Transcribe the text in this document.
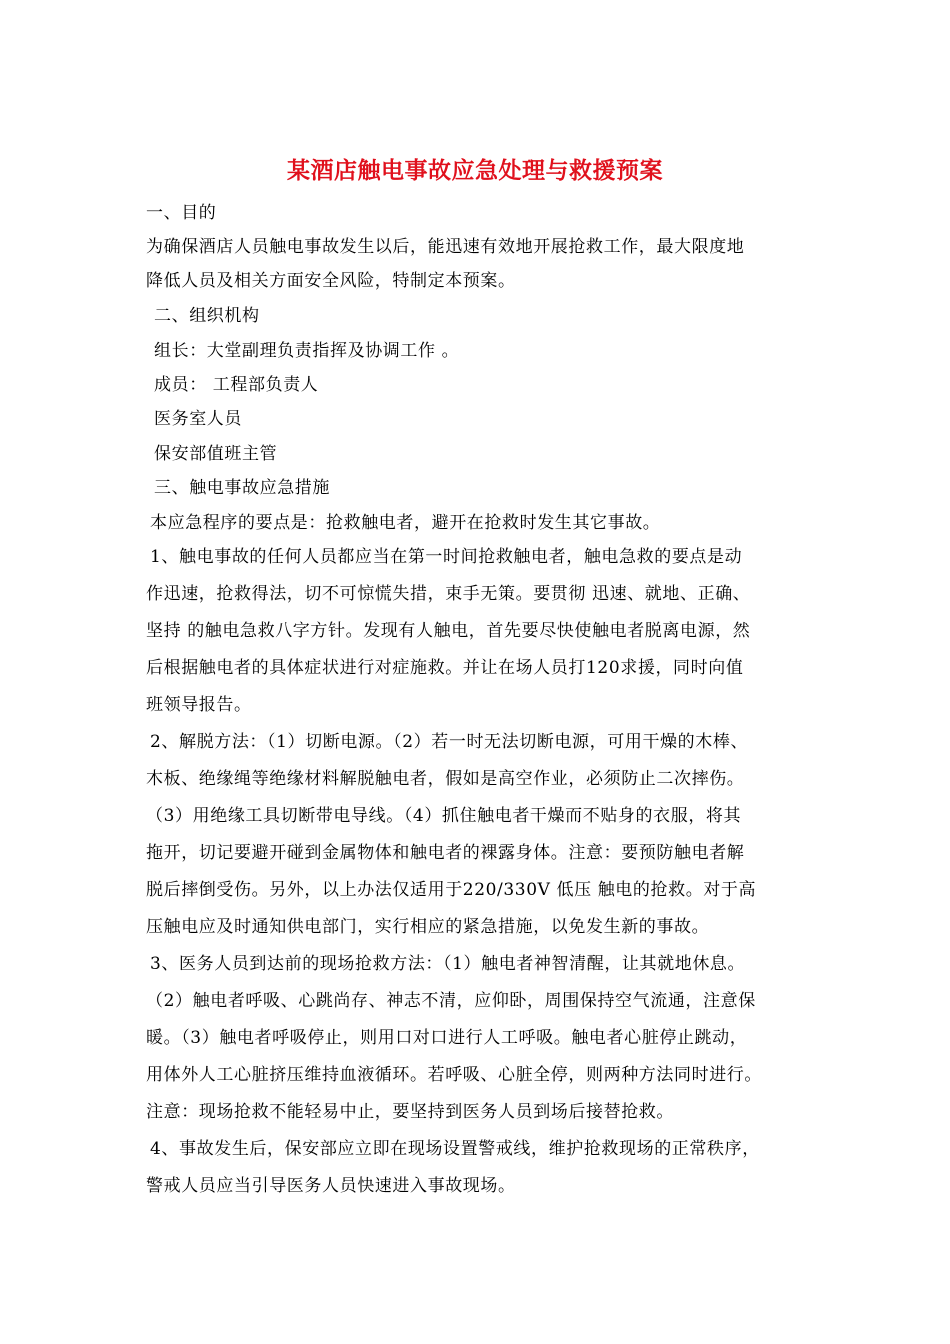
某酒店触电事故应急处理与救援预案
一、目的
为确保酒店人员触电事故发生以后，能迅速有效地开展抢救工作，最大限度地
降低人员及相关方面安全风险，特制定本预案。
二、组织机构
组长：大堂副理负责指挥及协调工作 。
成员： 工程部负责人
医务室人员
保安部值班主管
三、触电事故应急措施
本应急程序的要点是：抢救触电者，避开在抢救时发生其它事故。
1、触电事故的任何人员都应当在第一时间抢救触电者，触电急救的要点是动
作迅速，抢救得法，切不可惊慌失措，束手无策。要贯彻 迅速、就地、正确、
坚持 的触电急救八字方针。发现有人触电，首先要尽快使触电者脱离电源，然
后根据触电者的具体症状进行对症施救。并让在场人员打120求援，同时向值
班领导报告。
2、解脱方法：（1）切断电源。（2）若一时无法切断电源，可用干燥的木棒、
木板、绝缘绳等绝缘材料解脱触电者，假如是高空作业，必须防止二次摔伤。
（3）用绝缘工具切断带电导线。（4）抓住触电者干燥而不贴身的衣服，将其
拖开，切记要避开碰到金属物体和触电者的裸露身体。注意：要预防触电者解
脱后摔倒受伤。另外，以上办法仅适用于220/330V 低压 触电的抢救。对于高
压触电应及时通知供电部门，实行相应的紧急措施，以免发生新的事故。
3、医务人员到达前的现场抢救方法：（1）触电者神智清醒，让其就地休息。
（2）触电者呼吸、心跳尚存、神志不清，应仰卧，周围保持空气流通，注意保
暖。（3）触电者呼吸停止，则用口对口进行人工呼吸。触电者心脏停止跳动，
用体外人工心脏挤压维持血液循环。若呼吸、心脏全停，则两种方法同时进行。
注意：现场抢救不能轻易中止，要坚持到医务人员到场后接替抢救。
4、事故发生后，保安部应立即在现场设置警戒线，维护抢救现场的正常秩序，
警戒人员应当引导医务人员快速进入事故现场。
